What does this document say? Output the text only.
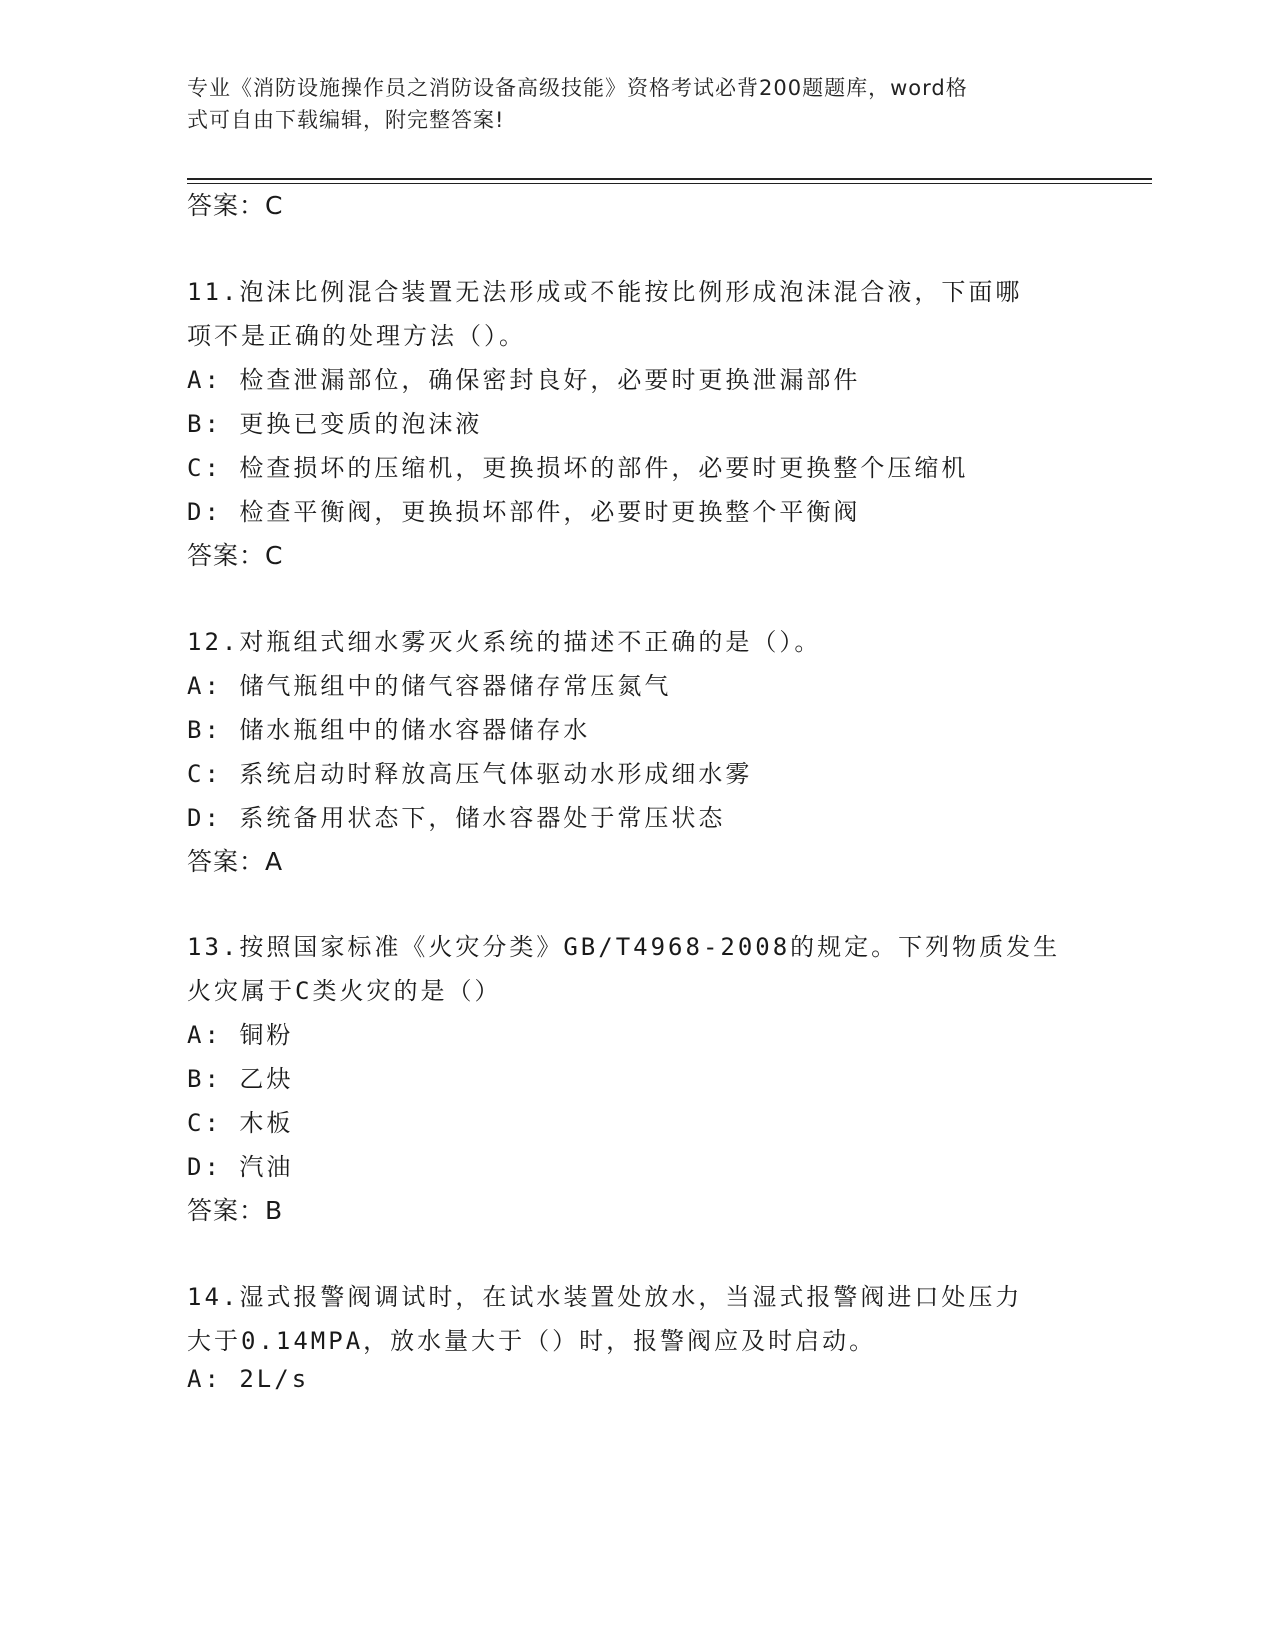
专业《消防设施操作员之消防设备高级技能》资格考试必背200题题库，word格
式可自由下载编辑，附完整答案!
答案：C
11.泡沫比例混合装置无法形成或不能按比例形成泡沫混合液，下面哪
项不是正确的处理方法（）。
A: 检查泄漏部位，确保密封良好，必要时更换泄漏部件
B: 更换已变质的泡沫液
C: 检查损坏的压缩机，更换损坏的部件，必要时更换整个压缩机
D: 检查平衡阀，更换损坏部件，必要时更换整个平衡阀
答案：C
12.对瓶组式细水雾灭火系统的描述不正确的是（）。
A: 储气瓶组中的储气容器储存常压氮气
B: 储水瓶组中的储水容器储存水
C: 系统启动时释放高压气体驱动水形成细水雾
D: 系统备用状态下，储水容器处于常压状态
答案：A
13.按照国家标准《火灾分类》GB/T4968-2008的规定。下列物质发生
火灾属于C类火灾的是（）
A: 铜粉
B: 乙炔
C: 木板
D: 汽油
答案：B
14.湿式报警阀调试时，在试水装置处放水，当湿式报警阀进口处压力
大于0.14MPA，放水量大于（）时，报警阀应及时启动。
A: 2L/s
